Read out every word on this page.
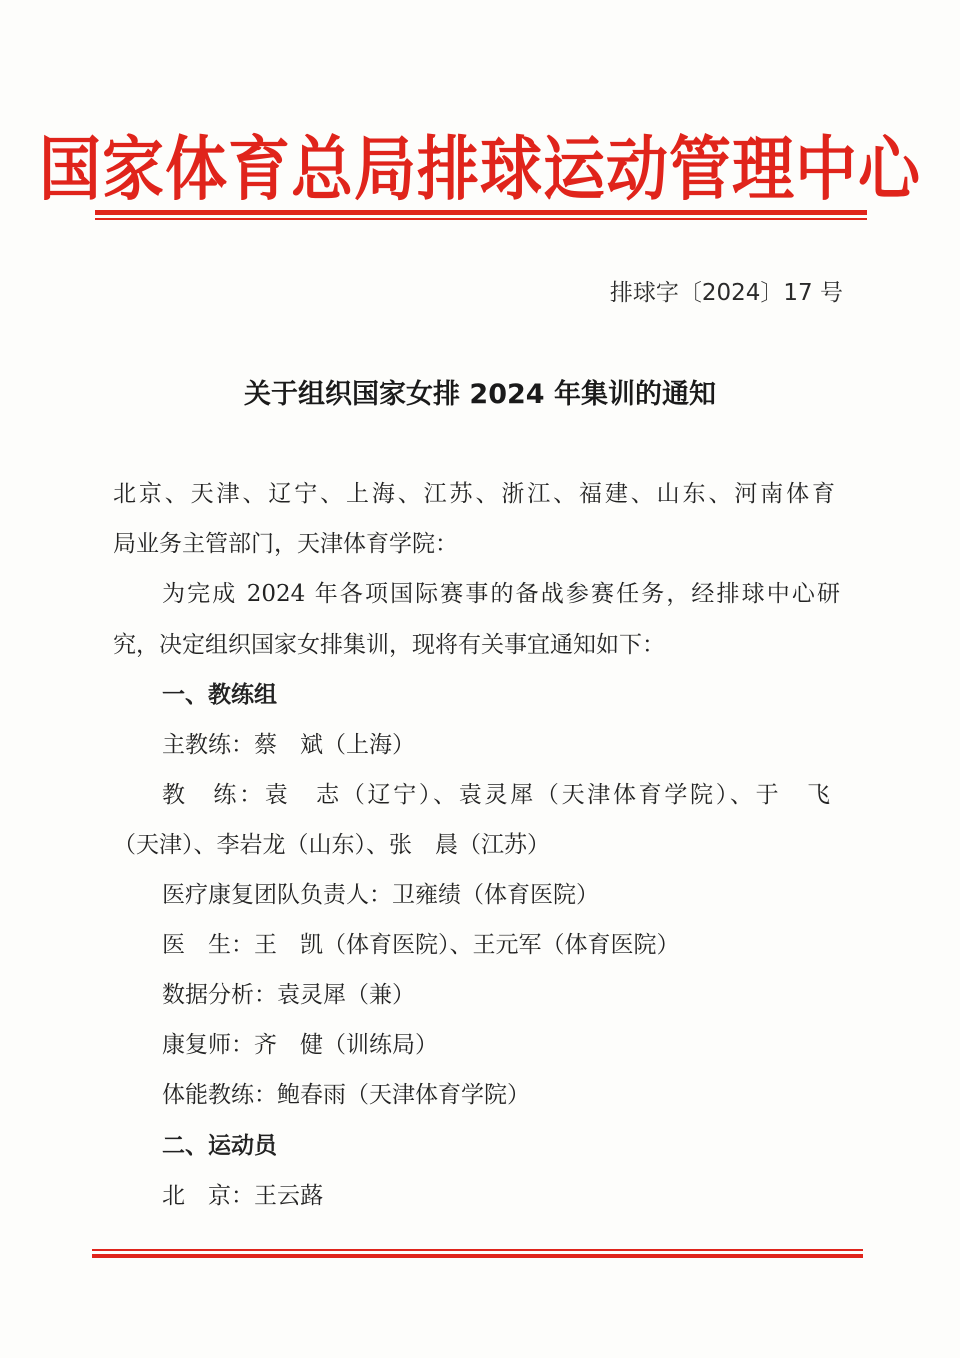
国家体育总局排球运动管理中心
排球字〔2024〕17 号
关于组织国家女排 2024 年集训的通知
北京、天津、辽宁、上海、江苏、浙江、福建、山东、河南体育
局业务主管部门，天津体育学院：
为完成 2024 年各项国际赛事的备战参赛任务，经排球中心研
究，决定组织国家女排集训，现将有关事宜通知如下：
一、教练组
主教练：蔡　斌（上海）
教　练：袁　志（辽宁）、袁灵犀（天津体育学院）、于　飞
（天津）、李岩龙（山东）、张　晨（江苏）
医疗康复团队负责人：卫雍绩（体育医院）
医　生：王　凯（体育医院）、王元军（体育医院）
数据分析：袁灵犀（兼）
康复师：齐　健（训练局）
体能教练：鲍春雨（天津体育学院）
二、运动员
北　京：王云蕗
